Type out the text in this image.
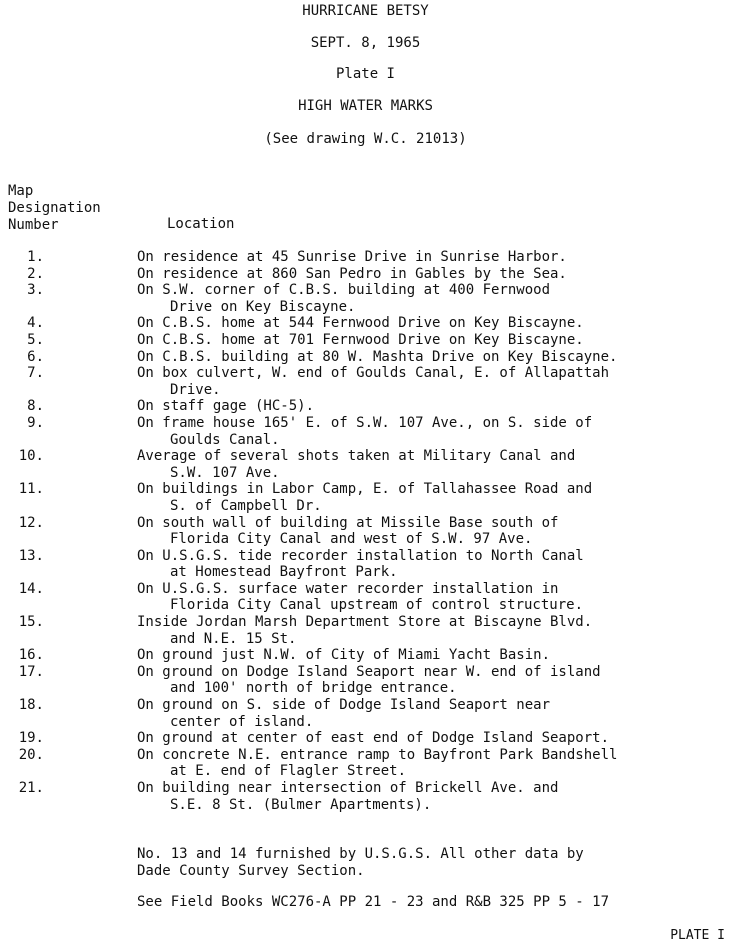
HURRICANE BETSY
SEPT. 8, 1965
Plate I
HIGH WATER MARKS
(See drawing W.C. 21013)
Map
Designation
Number	Location
1.	On residence at 45 Sunrise Drive in Sunrise Harbor.
2.	On residence at 860 San Pedro in Gables by the Sea.
3.	On S.W. corner of C.B.S. building at 400 Fernwood
Drive on Key Biscayne.
4.	On C.B.S. home at 544 Fernwood Drive on Key Biscayne.
5.	On C.B.S. home at 701 Fernwood Drive on Key Biscayne.
6.	On C.B.S. building at 80 W. Mashta Drive on Key Biscayne.
7.	On box culvert, W. end of Goulds Canal, E. of Allapattah
Drive.
8.	On staff gage (HC-5).
9.	On frame house 165' E. of S.W. 107 Ave., on S. side of
Goulds Canal.
10.	Average of several shots taken at Military Canal and
S.W. 107 Ave.
11.	On buildings in Labor Camp, E. of Tallahassee Road and
S. of Campbell Dr.
12.	On south wall of building at Missile Base south of
Florida City Canal and west of S.W. 97 Ave.
13.	On U.S.G.S. tide recorder installation to North Canal
at Homestead Bayfront Park.
14.	On U.S.G.S. surface water recorder installation in
Florida City Canal upstream of control structure.
15.	Inside Jordan Marsh Department Store at Biscayne Blvd.
and N.E. 15 St.
16.	On ground just N.W. of City of Miami Yacht Basin.
17.	On ground on Dodge Island Seaport near W. end of island
and 100' north of bridge entrance.
18.	On ground on S. side of Dodge Island Seaport near
center of island.
19.	On ground at center of east end of Dodge Island Seaport.
20.	On concrete N.E. entrance ramp to Bayfront Park Bandshell
at E. end of Flagler Street.
21.	On building near intersection of Brickell Ave. and
S.E. 8 St. (Bulmer Apartments).
No. 13 and 14 furnished by U.S.G.S. All other data by
Dade County Survey Section.
See Field Books WC276-A PP 21 - 23 and R&B 325 PP 5 - 17
PLATE I
